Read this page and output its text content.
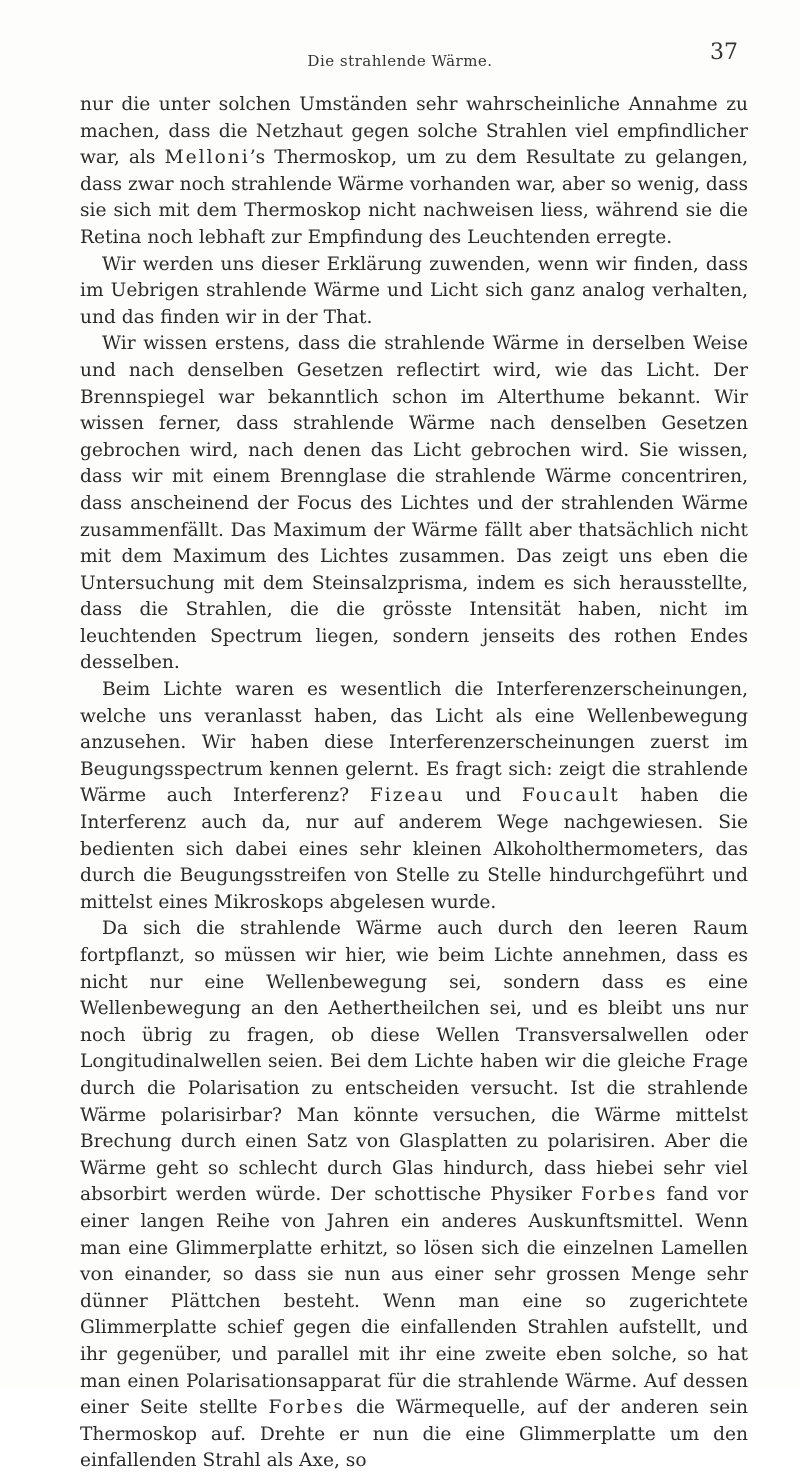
Die strahlende Wärme.	37

nur die unter solchen Umständen sehr wahrscheinliche Annahme zu machen, dass die Netzhaut gegen solche Strahlen viel empfindlicher war, als Melloni’s Thermoskop, um zu dem Resultate zu gelangen, dass zwar noch strahlende Wärme vorhanden war, aber so wenig, dass sie sich mit dem Thermoskop nicht nachweisen liess, während sie die Retina noch lebhaft zur Empfindung des Leuchtenden erregte.

Wir werden uns dieser Erklärung zuwenden, wenn wir finden, dass im Uebrigen strahlende Wärme und Licht sich ganz analog verhalten, und das finden wir in der That.

Wir wissen erstens, dass die strahlende Wärme in derselben Weise und nach denselben Gesetzen reflectirt wird, wie das Licht. Der Brennspiegel war bekanntlich schon im Alterthume bekannt. Wir wissen ferner, dass strahlende Wärme nach denselben Gesetzen gebrochen wird, nach denen das Licht gebrochen wird. Sie wissen, dass wir mit einem Brennglase die strahlende Wärme concentriren, dass anscheinend der Focus des Lichtes und der strahlenden Wärme zusammenfällt. Das Maximum der Wärme fällt aber thatsächlich nicht mit dem Maximum des Lichtes zusammen. Das zeigt uns eben die Untersuchung mit dem Steinsalzprisma, indem es sich herausstellte, dass die Strahlen, die die grösste Intensität haben, nicht im leuchtenden Spectrum liegen, sondern jenseits des rothen Endes desselben.

Beim Lichte waren es wesentlich die Interferenzerscheinungen, welche uns veranlasst haben, das Licht als eine Wellenbewegung anzusehen. Wir haben diese Interferenzerscheinungen zuerst im Beugungsspectrum kennen gelernt. Es fragt sich: zeigt die strahlende Wärme auch Interferenz? Fizeau und Foucault haben die Interferenz auch da, nur auf anderem Wege nachgewiesen. Sie bedienten sich dabei eines sehr kleinen Alkoholthermometers, das durch die Beugungsstreifen von Stelle zu Stelle hindurchgeführt und mittelst eines Mikroskops abgelesen wurde.

Da sich die strahlende Wärme auch durch den leeren Raum fortpflanzt, so müssen wir hier, wie beim Lichte annehmen, dass es nicht nur eine Wellenbewegung sei, sondern dass es eine Wellenbewegung an den Aethertheilchen sei, und es bleibt uns nur noch übrig zu fragen, ob diese Wellen Transversalwellen oder Longitudinalwellen seien. Bei dem Lichte haben wir die gleiche Frage durch die Polarisation zu entscheiden versucht. Ist die strahlende Wärme polarisirbar? Man könnte versuchen, die Wärme mittelst Brechung durch einen Satz von Glasplatten zu polarisiren. Aber die Wärme geht so schlecht durch Glas hindurch, dass hiebei sehr viel absorbirt werden würde. Der schottische Physiker Forbes fand vor einer langen Reihe von Jahren ein anderes Auskunftsmittel. Wenn man eine Glimmerplatte erhitzt, so lösen sich die einzelnen Lamellen von einander, so dass sie nun aus einer sehr grossen Menge sehr dünner Plättchen besteht. Wenn man eine so zugerichtete Glimmerplatte schief gegen die einfallenden Strahlen aufstellt, und ihr gegenüber, und parallel mit ihr eine zweite eben solche, so hat man einen Polarisationsapparat für die strahlende Wärme. Auf dessen einer Seite stellte Forbes die Wärmequelle, auf der anderen sein Thermoskop auf. Drehte er nun die eine Glimmerplatte um den einfallenden Strahl als Axe, so
